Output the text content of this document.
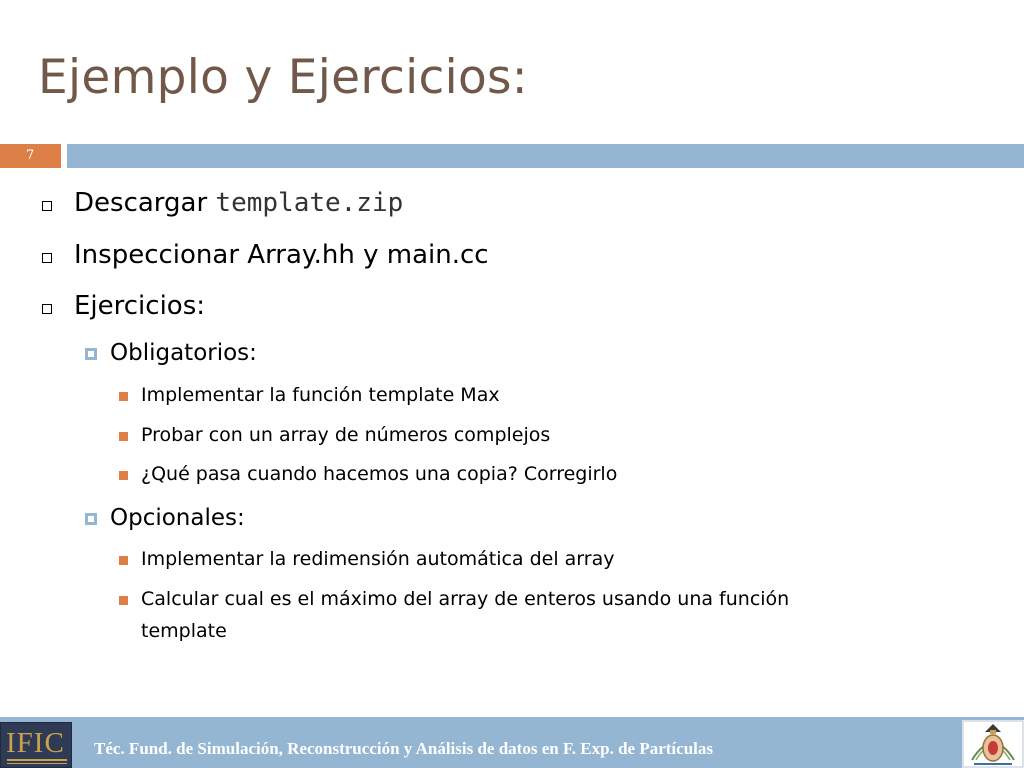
Ejemplo y Ejercicios:
7
Descargar template.zip
Inspeccionar Array.hh y main.cc
Ejercicios:
Obligatorios:
Implementar la función template Max
Probar con un array de números complejos
¿Qué pasa cuando hacemos una copia? Corregirlo
Opcionales:
Implementar la redimensión automática del array
Calcular cual es el máximo del array de enteros usando una función
template
Téc. Fund. de Simulación, Reconstrucción y Análisis de datos en F. Exp. de Partículas
IFIC
